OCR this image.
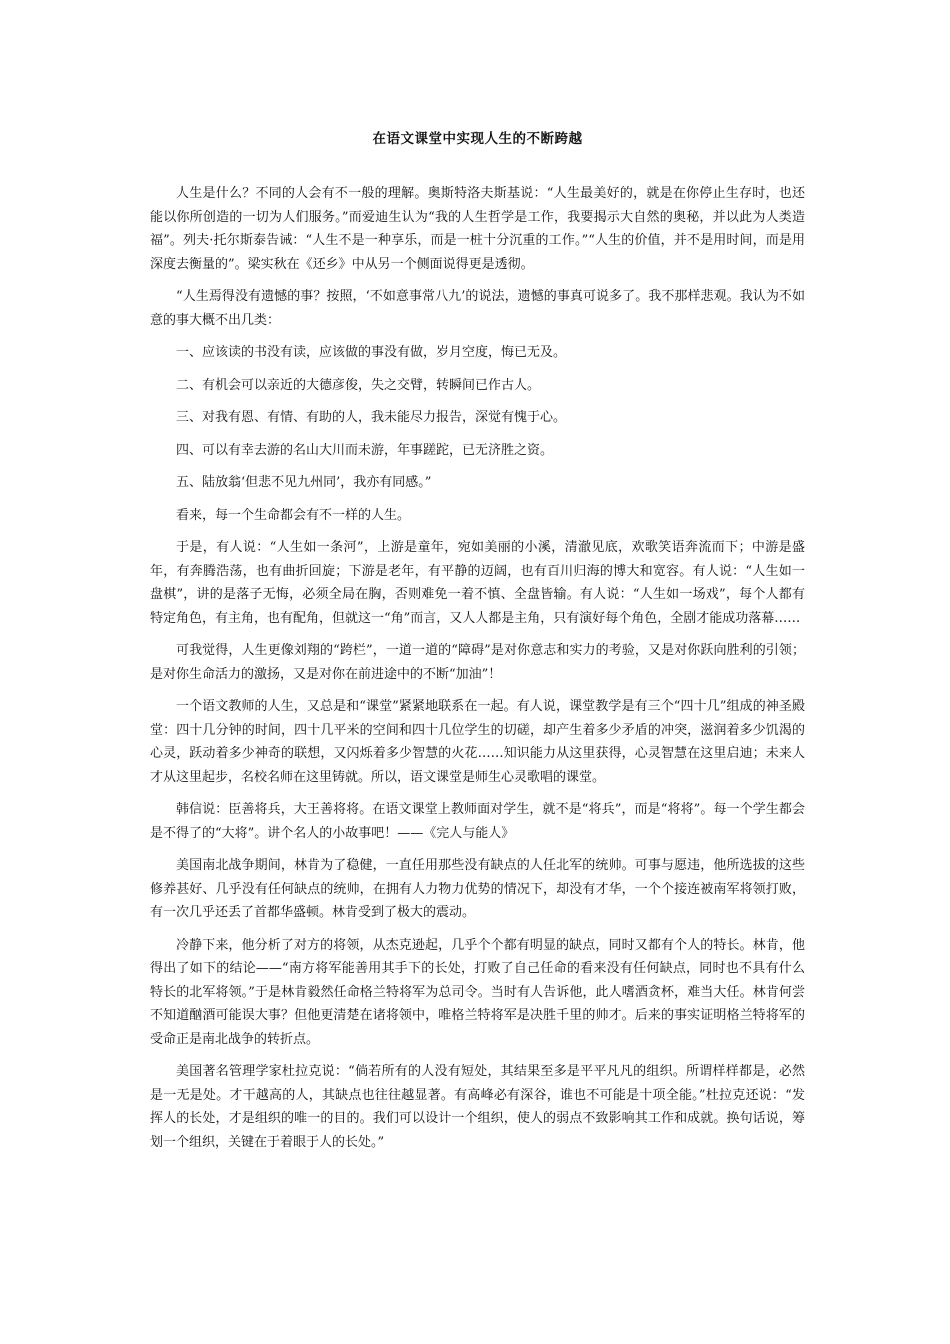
在语文课堂中实现人生的不断跨越

人生是什么？不同的人会有不一般的理解。奥斯特洛夫斯基说：“人生最美好的，就是在你停止生存时，也还能以你所创造的一切为人们服务。”而爱迪生认为“我的人生哲学是工作，我要揭示大自然的奥秘，并以此为人类造福”。列夫·托尔斯泰告诫：“人生不是一种享乐，而是一桩十分沉重的工作。”“人生的价值，并不是用时间，而是用深度去衡量的”。梁实秋在《还乡》中从另一个侧面说得更是透彻。

“人生焉得没有遗憾的事？按照，‘不如意事常八九’的说法，遗憾的事真可说多了。我不那样悲观。我认为不如意的事大概不出几类：

一、应该读的书没有读，应该做的事没有做，岁月空度，悔已无及。

二、有机会可以亲近的大德彦俊，失之交臂，转瞬间已作古人。

三、对我有恩、有情、有助的人，我未能尽力报告，深觉有愧于心。

四、可以有幸去游的名山大川而未游，年事蹉跎，已无济胜之资。

五、陆放翁‘但悲不见九州同’，我亦有同感。”

看来，每一个生命都会有不一样的人生。

于是，有人说：“人生如一条河”，上游是童年，宛如美丽的小溪，清澈见底，欢歌笑语奔流而下；中游是盛年，有奔腾浩荡，也有曲折回旋；下游是老年，有平静的迈阔，也有百川归海的博大和宽容。有人说：“人生如一盘棋”，讲的是落子无悔，必须全局在胸，否则难免一着不慎、全盘皆输。有人说：“人生如一场戏”，每个人都有特定角色，有主角，也有配角，但就这一“角”而言，又人人都是主角，只有演好每个角色，全剧才能成功落幕……

可我觉得，人生更像刘翔的“跨栏”，一道一道的“障碍”是对你意志和实力的考验，又是对你跃向胜利的引领；是对你生命活力的激扬，又是对你在前进途中的不断“加油”！

一个语文教师的人生，又总是和“课堂”紧紧地联系在一起。有人说，课堂教学是有三个“四十几”组成的神圣殿堂：四十几分钟的时间，四十几平米的空间和四十几位学生的切磋，却产生着多少矛盾的冲突，滋润着多少饥渴的心灵，跃动着多少神奇的联想，又闪烁着多少智慧的火花……知识能力从这里获得，心灵智慧在这里启迪；未来人才从这里起步，名校名师在这里铸就。所以，语文课堂是师生心灵歌唱的课堂。

韩信说：臣善将兵，大王善将将。在语文课堂上教师面对学生，就不是“将兵”，而是“将将”。每一个学生都会是不得了的“大将”。讲个名人的小故事吧！——《完人与能人》

美国南北战争期间，林肯为了稳健，一直任用那些没有缺点的人任北军的统帅。可事与愿违，他所选拔的这些修养甚好、几乎没有任何缺点的统帅，在拥有人力物力优势的情况下，却没有才华，一个个接连被南军将领打败，有一次几乎还丢了首都华盛顿。林肯受到了极大的震动。

冷静下来，他分析了对方的将领，从杰克逊起，几乎个个都有明显的缺点，同时又都有个人的特长。林肯，他得出了如下的结论——“南方将军能善用其手下的长处，打败了自己任命的看来没有任何缺点，同时也不具有什么特长的北军将领。”于是林肯毅然任命格兰特将军为总司令。当时有人告诉他，此人嗜酒贪杯，难当大任。林肯何尝不知道酗酒可能误大事？但他更清楚在诸将领中，唯格兰特将军是决胜千里的帅才。后来的事实证明格兰特将军的受命正是南北战争的转折点。

美国著名管理学家杜拉克说：“倘若所有的人没有短处，其结果至多是平平凡凡的组织。所谓样样都是，必然是一无是处。才干越高的人，其缺点也往往越显著。有高峰必有深谷，谁也不可能是十项全能。”杜拉克还说：“发挥人的长处，才是组织的唯一的目的。我们可以设计一个组织，使人的弱点不致影响其工作和成就。换句话说，筹划一个组织，关键在于着眼于人的长处。”
